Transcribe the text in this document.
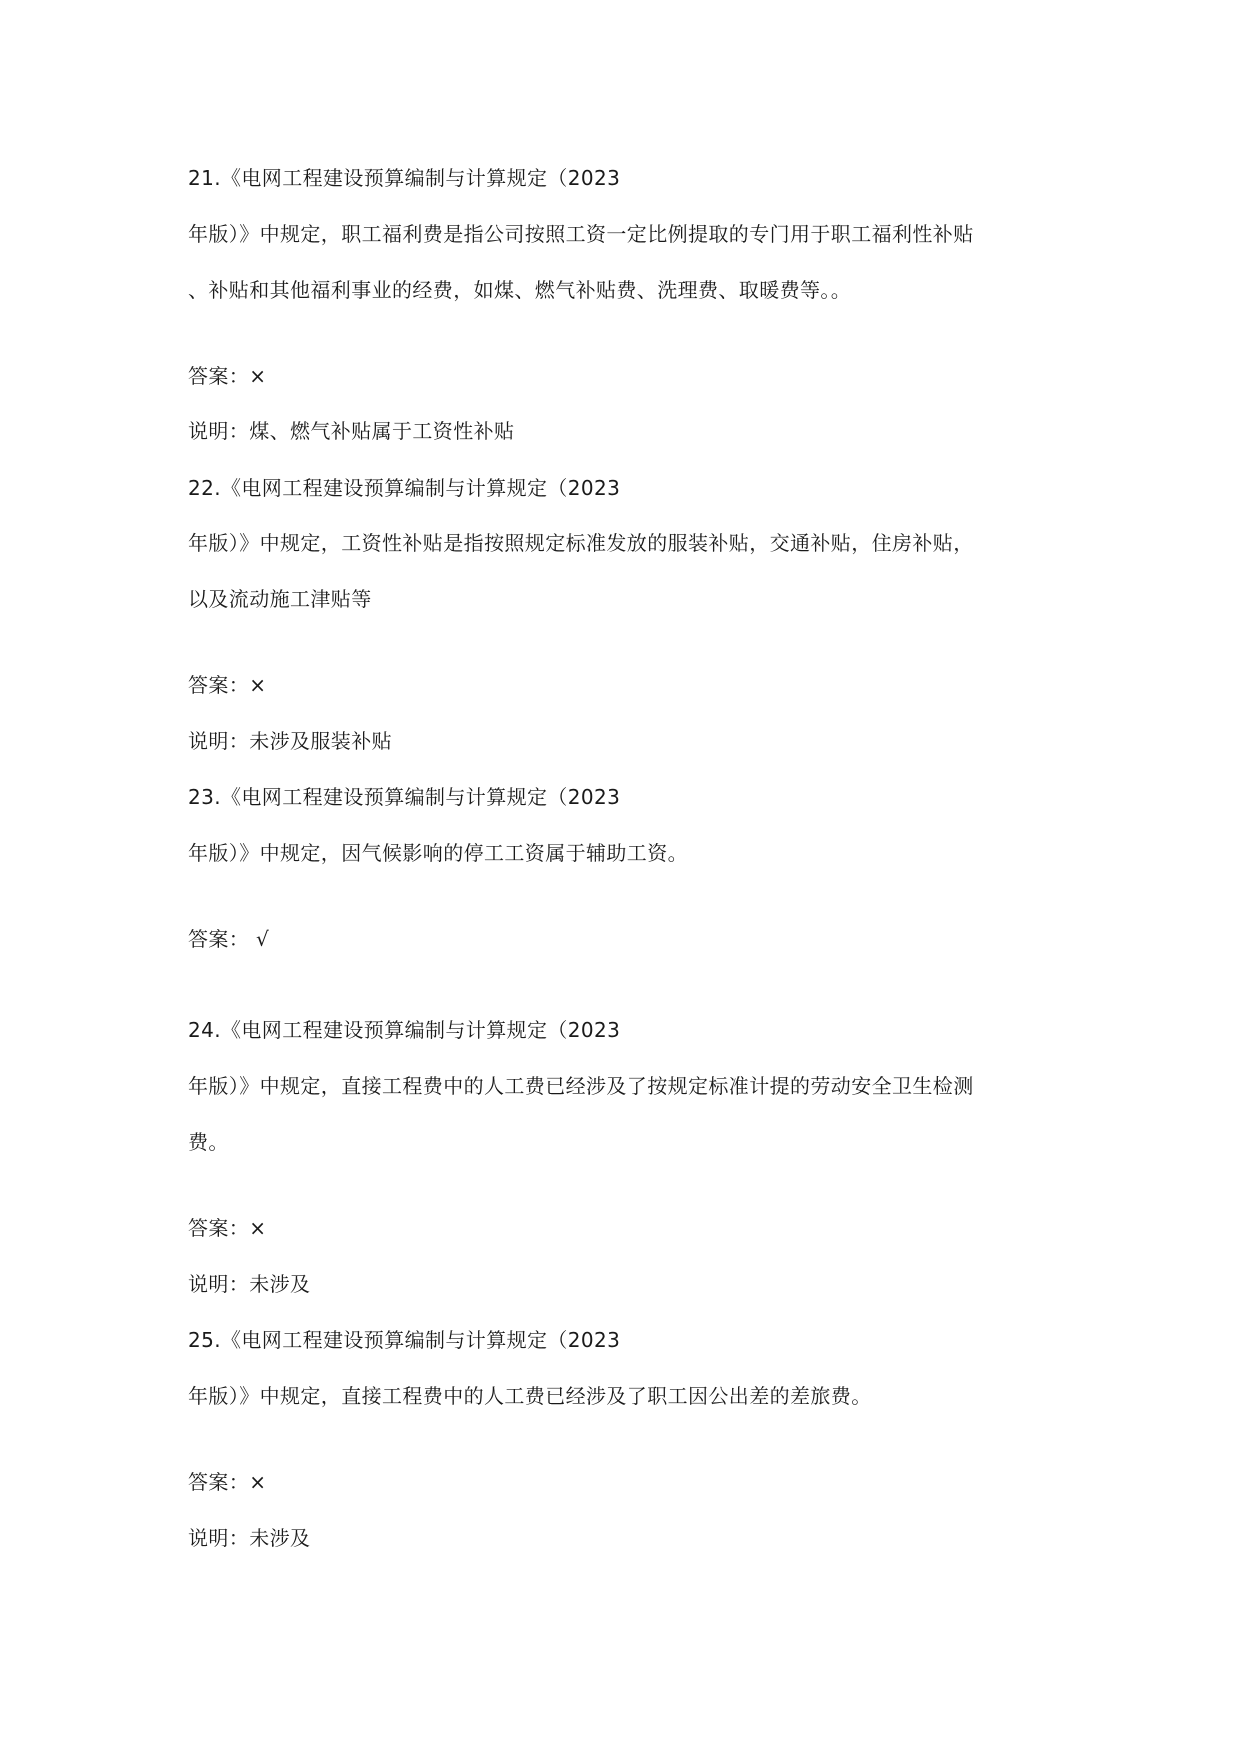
21.《电网工程建设预算编制与计算规定（2023
年版）》中规定，职工福利费是指公司按照工资一定比例提取的专门用于职工福利性补贴
、补贴和其他福利事业的经费，如煤、燃气补贴费、洗理费、取暖费等。。
答案：×
说明：煤、燃气补贴属于工资性补贴
22.《电网工程建设预算编制与计算规定（2023
年版）》中规定，工资性补贴是指按照规定标准发放的服装补贴，交通补贴，住房补贴，
以及流动施工津贴等
答案：×
说明：未涉及服装补贴
23.《电网工程建设预算编制与计算规定（2023
年版）》中规定，因气候影响的停工工资属于辅助工资。
答案： √
24.《电网工程建设预算编制与计算规定（2023
年版）》中规定，直接工程费中的人工费已经涉及了按规定标准计提的劳动安全卫生检测
费。
答案：×
说明：未涉及
25.《电网工程建设预算编制与计算规定（2023
年版）》中规定，直接工程费中的人工费已经涉及了职工因公出差的差旅费。
答案：×
说明：未涉及
